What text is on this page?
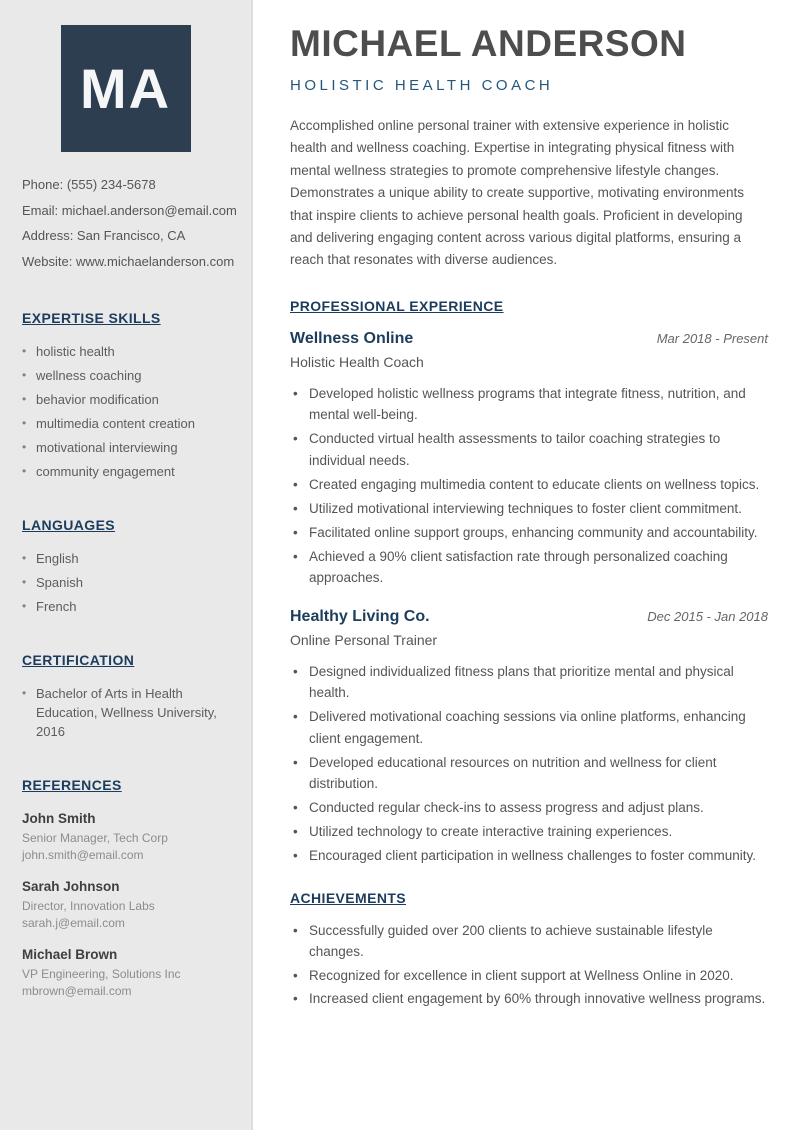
MA

Phone: (555) 234-5678

Email: michael.anderson@email.com

Address: San Francisco, CA

Website: www.michaelanderson.com

EXPERTISE SKILLS
• holistic health
• wellness coaching
• behavior modification
• multimedia content creation
• motivational interviewing
• community engagement
LANGUAGES
• English
• Spanish
• French
CERTIFICATION
• Bachelor of Arts in Health Education, Wellness University, 2016
REFERENCES
John Smith
Senior Manager, Tech Corp
john.smith@email.com
Sarah Johnson
Director, Innovation Labs
sarah.j@email.com
Michael Brown
VP Engineering, Solutions Inc
mbrown@email.com
MICHAEL ANDERSON
HOLISTIC HEALTH COACH

Accomplished online personal trainer with extensive experience in holistic health and wellness coaching. Expertise in integrating physical fitness with mental wellness strategies to promote comprehensive lifestyle changes. Demonstrates a unique ability to create supportive, motivating environments that inspire clients to achieve personal health goals. Proficient in developing and delivering engaging content across various digital platforms, ensuring a reach that resonates with diverse audiences.

PROFESSIONAL EXPERIENCE
Wellness Online	Mar 2018 - Present
Holistic Health Coach
• Developed holistic wellness programs that integrate fitness, nutrition, and mental well-being.
• Conducted virtual health assessments to tailor coaching strategies to individual needs.
• Created engaging multimedia content to educate clients on wellness topics.
• Utilized motivational interviewing techniques to foster client commitment.
• Facilitated online support groups, enhancing community and accountability.
• Achieved a 90% client satisfaction rate through personalized coaching approaches.
Healthy Living Co.	Dec 2015 - Jan 2018
Online Personal Trainer
• Designed individualized fitness plans that prioritize mental and physical health.
• Delivered motivational coaching sessions via online platforms, enhancing client engagement.
• Developed educational resources on nutrition and wellness for client distribution.
• Conducted regular check-ins to assess progress and adjust plans.
• Utilized technology to create interactive training experiences.
• Encouraged client participation in wellness challenges to foster community.
ACHIEVEMENTS
• Successfully guided over 200 clients to achieve sustainable lifestyle changes.
• Recognized for excellence in client support at Wellness Online in 2020.
• Increased client engagement by 60% through innovative wellness programs.
